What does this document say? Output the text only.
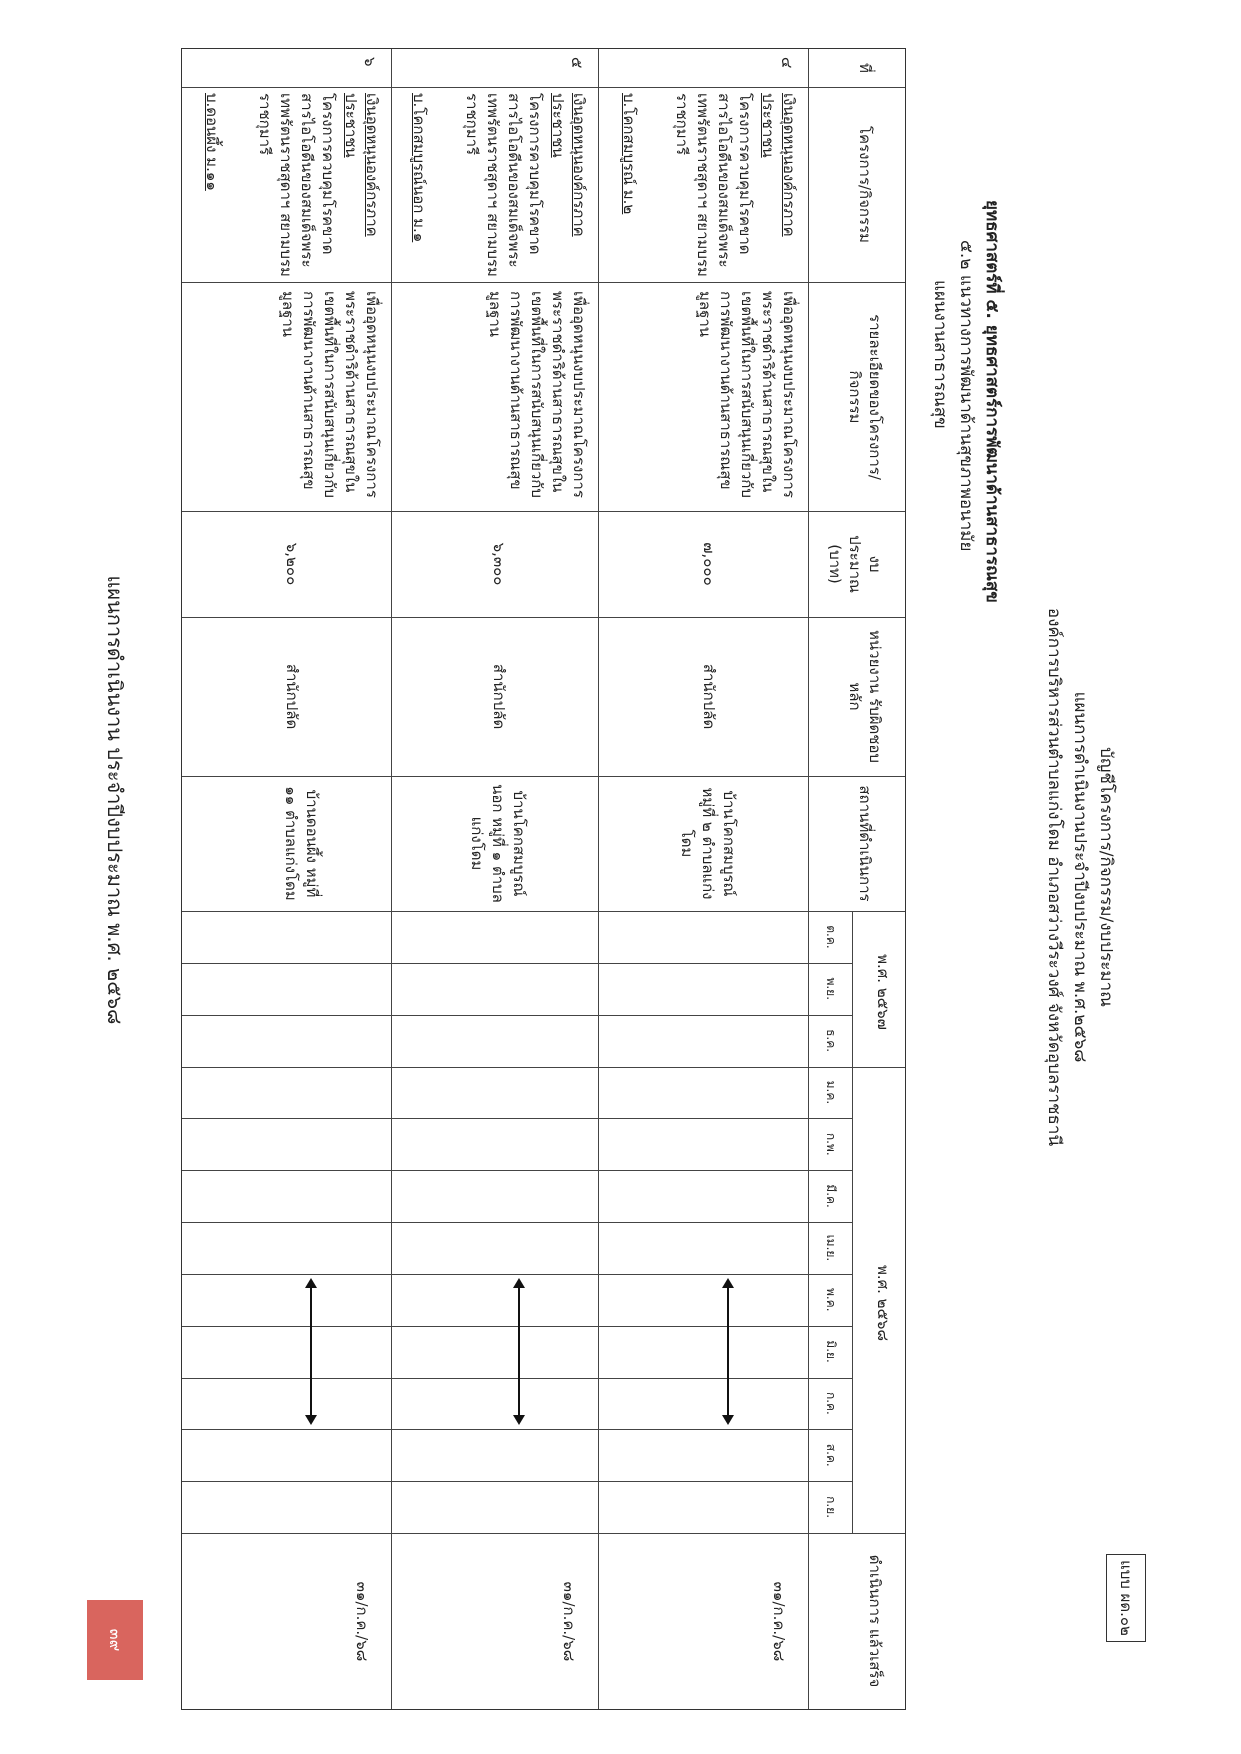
แบบ ผด.๐๒
บัญชีโครงการ/กิจกรรม/งบประมาณ
แผนการดำเนินงานประจำปีงบประมาณ พ.ศ.๒๕๖๘
องค์การบริหารส่วนตำบลแก่งโดม อำเภอสว่างวีระวงศ์ จังหวัดอุบลราชธานี
ยุทธศาสตร์ที่ ๕. ยุทธศาสตร์การพัฒนาด้านสาธารณสุข
๕.๒ แนวทางการพัฒนาด้านสุขภาพอนามัย
แผนงานสาธารณสุข
ที่
โครงการ/กิจกรรม
รายละเอียดของโครงการ/ กิจกรรม
งบประมาณ (บาท)
สถานที่ดำเนินการ
ดำเนินการ แล้วเสร็จ
พ.ศ. ๒๕๖๗
พ.ศ. ๒๕๖๘
ต.ค.
พ.ย.
ธ.ค.
ม.ค.
ก.พ.
มี.ค.
เม.ย.
พ.ค.
มิ.ย.
ก.ค.
ส.ค.
ก.ย.
๔
เงินอุดหนุนองค์กรภาคประชาชน
โครงการควบคุมโรคขาดสารไอโอดีนของสมเด็จพระเทพรัตนราชสุดาฯ สยามบรมราชกุมารี
บ.โคกสมบูรณ์ ม.๒
เพื่ออุดหนุนงบประมาณโครงการพระราชดำริด้านสาธารณสุขในเขตพื้นที่ในการสนับสนุนเกี่ยวกับการพัฒนางานด้านสาธารณสุขมูลฐาน
๗,๐๐๐
สำนักปลัด
บ้านโคกสมบูรณ์ หมู่ที่ ๒ ตำบลแก่งโดม
๓๑/ก.ค./๖๘
๕
เงินอุดหนุนองค์กรภาคประชาชน
โครงการควบคุมโรคขาดสารไอโอดีนของสมเด็จพระเทพรัตนราชสุดาฯ สยามบรมราชกุมารี
บ.โคกสมบูรณ์นอก ม.๑
เพื่ออุดหนุนงบประมาณโครงการพระราชดำริด้านสาธารณสุขในเขตพื้นที่ในการสนับสนุนเกี่ยวกับการพัฒนางานด้านสาธารณสุขมูลฐาน
๖,๓๐๐
สำนักปลัด
บ้านโคกสมบูรณ์นอก หมู่ที่ ๑ ตำบลแก่งโดม
๓๑/ก.ค./๖๘
๖
เงินอุดหนุนองค์กรภาคประชาชน
โครงการควบคุมโรคขาดสารไอโอดีนของสมเด็จพระเทพรัตนราชสุดาฯ สยามบรมราชกุมารี
บ.ดอนผึ้ง ม.๑๑
เพื่ออุดหนุนงบประมาณโครงการพระราชดำริด้านสาธารณสุขในเขตพื้นที่ในการสนับสนุนเกี่ยวกับการพัฒนางานด้านสาธารณสุขมูลฐาน
๖,๒๐๐
สำนักปลัด
บ้านดอนผึ้ง หมู่ที่ ๑๑ ตำบลแก่งโดม
๓๑/ก.ค./๖๘
หน่วยงาน รับผิดชอบหลัก
แผนการดำเนินงาน ประจำปีงบประมาณ พ.ศ. ๒๕๖๘
๓๙
